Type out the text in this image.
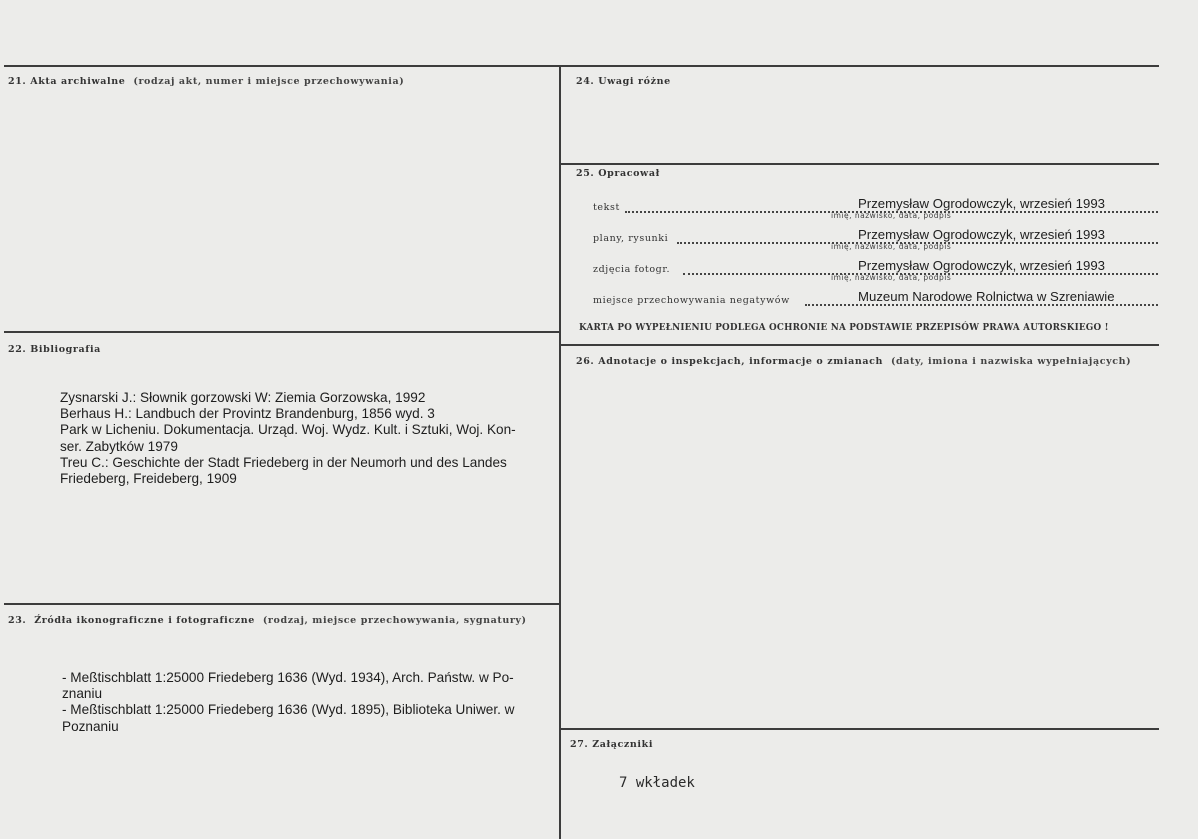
21. Akta archiwalne (rodzaj akt, numer i miejsce przechowywania)	24. Uwagi różne
25. Opracował
tekst	Przemysław Ogrodowczyk, wrzesień 1993
imię, nazwisko, data, podpis
plany, rysunki	Przemysław Ogrodowczyk, wrzesień 1993
imię, nazwisko, data, podpis
zdjęcia fotogr.	Przemysław Ogrodowczyk, wrzesień 1993
imię, nazwisko, data, podpis
miejsce przechowywania negatywów	Muzeum Narodowe Rolnictwa w Szreniawie
KARTA PO WYPEŁNIENIU PODLEGA OCHRONIE NA PODSTAWIE PRZEPISÓW PRAWA AUTORSKIEGO !
22. Bibliografia
Zysnarski J.: Słownik gorzowski W: Ziemia Gorzowska, 1992
Berhaus H.: Landbuch der Provintz Brandenburg, 1856 wyd. 3
Park w Licheniu. Dokumentacja. Urząd. Woj. Wydz. Kult. i Sztuki, Woj. Kon-
ser. Zabytków 1979
Treu C.: Geschichte der Stadt Friedeberg in der Neumorh und des Landes
Friedeberg, Freideberg, 1909
26. Adnotacje o inspekcjach, informacje o zmianach (daty, imiona i nazwiska wypełniających)
23. Źródła ikonograficzne i fotograficzne (rodzaj, miejsce przechowywania, sygnatury)
- Meßtischblatt 1:25000 Friedeberg 1636 (Wyd. 1934), Arch. Państw. w Po-
znaniu
- Meßtischblatt 1:25000 Friedeberg 1636 (Wyd. 1895), Biblioteka Uniwer. w
Poznaniu
27. Załączniki
7 wkładek
